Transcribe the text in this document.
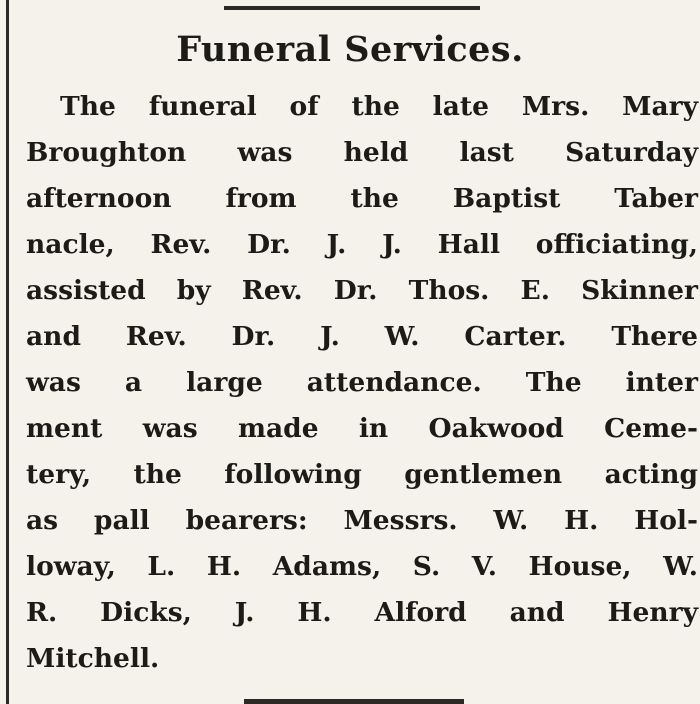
Funeral Services.
The funeral of the late Mrs. Mary
Broughton was held last Saturday
afternoon from the Baptist Taber
nacle, Rev. Dr. J. J. Hall officiating,
assisted by Rev. Dr. Thos. E. Skinner
and Rev. Dr. J. W. Carter. There
was a large attendance. The inter
ment was made in Oakwood Ceme-
tery, the following gentlemen acting
as pall bearers: Messrs. W. H. Hol-
loway, L. H. Adams, S. V. House, W.
R. Dicks, J. H. Alford and Henry
Mitchell.
